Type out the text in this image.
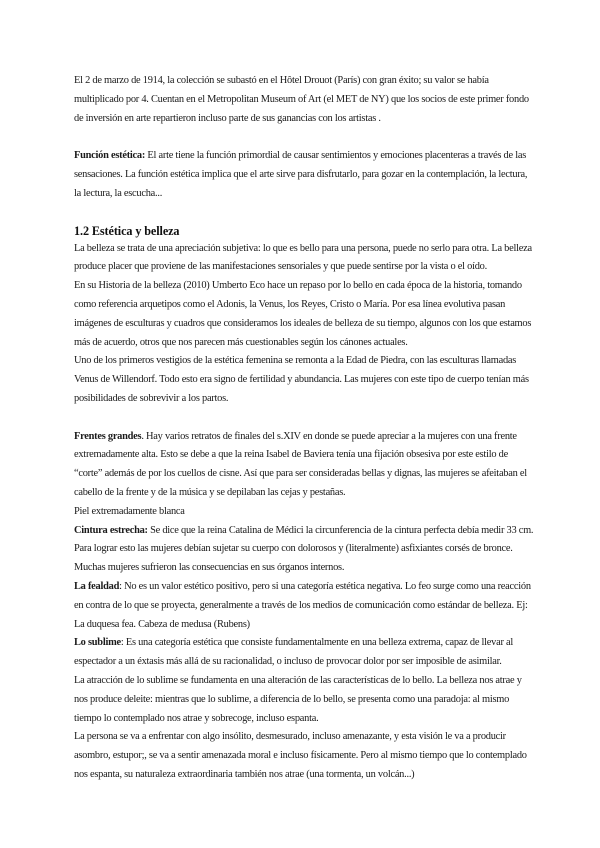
El 2 de marzo de 1914, la colección se subastó en el Hôtel Drouot (París) con gran éxito; su valor se había multiplicado por 4. Cuentan en el Metropolitan Museum of Art (el MET de NY) que los socios de este primer fondo de inversión en arte repartieron incluso parte de sus ganancias con los artistas .

Función estética: El arte tiene la función primordial de causar sentimientos y emociones placenteras a través de las sensaciones. La función estética implica que el arte sirve para disfrutarlo, para gozar en la contemplación, la lectura, la lectura, la escucha...

1.2 Estética y belleza

La belleza se trata de una apreciación subjetiva: lo que es bello para una persona, puede no serlo para otra. La belleza produce placer que proviene de las manifestaciones sensoriales y que puede sentirse por la vista o el oído.

En su Historia de la belleza (2010) Umberto Eco hace un repaso por lo bello en cada época de la historia, tomando como referencia arquetipos como el Adonis, la Venus, los Reyes, Cristo o María. Por esa línea evolutiva pasan imágenes de esculturas y cuadros que consideramos los ideales de belleza de su tiempo, algunos con los que estamos más de acuerdo, otros que nos parecen más cuestionables según los cánones actuales.

Uno de los primeros vestigios de la estética femenina se remonta a la Edad de Piedra, con las esculturas llamadas Venus de Willendorf. Todo esto era signo de fertilidad y abundancia. Las mujeres con este tipo de cuerpo tenían más posibilidades de sobrevivir a los partos.

Frentes grandes. Hay varios retratos de finales del s.XIV en donde se puede apreciar a la mujeres con una frente extremadamente alta. Esto se debe a que la reina Isabel de Baviera tenía una fijación obsesiva por este estilo de “corte” además de por los cuellos de cisne. Así que para ser consideradas bellas y dignas, las mujeres se afeitaban el cabello de la frente y de la música y se depilaban las cejas y pestañas.

Piel extremadamente blanca

Cintura estrecha: Se dice que la reina Catalina de Médici la circunferencia de la cintura perfecta debía medir 33 cm. Para lograr esto las mujeres debían sujetar su cuerpo con dolorosos y (literalmente) asfixiantes corsés de bronce. Muchas mujeres sufrieron las consecuencias en sus órganos internos.

La fealdad: No es un valor estético positivo, pero si una categoría estética negativa. Lo feo surge como una reacción en contra de lo que se proyecta, generalmente a través de los medios de comunicación como estándar de belleza. Ej: La duquesa fea. Cabeza de medusa (Rubens)

Lo sublime: Es una categoría estética que consiste fundamentalmente en una belleza extrema, capaz de llevar al espectador a un éxtasis más allá de su racionalidad, o incluso de provocar dolor por ser imposible de asimilar.

La atracción de lo sublime se fundamenta en una alteración de las características de lo bello. La belleza nos atrae y nos produce deleite: mientras que lo sublime, a diferencia de lo bello, se presenta como una paradoja: al mismo tiempo lo contemplado nos atrae y sobrecoge, incluso espanta.

La persona se va a enfrentar con algo insólito, desmesurado, incluso amenazante, y esta visión le va a producir asombro, estupor;, se va a sentir amenazada moral e incluso físicamente. Pero al mismo tiempo que lo contemplado nos espanta, su naturaleza extraordinaria también nos atrae (una tormenta, un volcán...)
